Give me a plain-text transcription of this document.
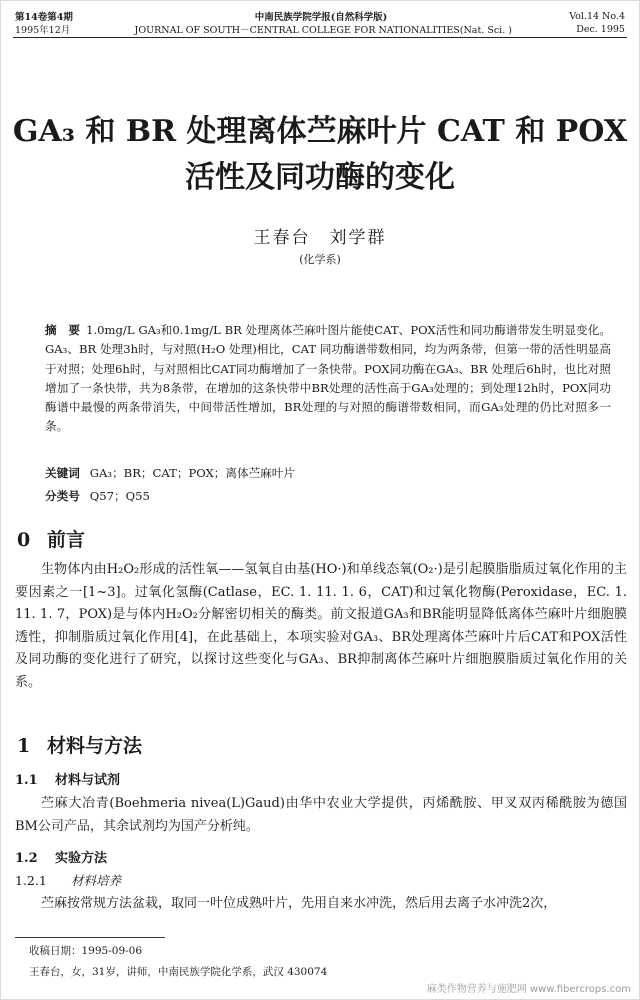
第14卷第4期	中南民族学院学报(自然科学版)	Vol.14 No.4
1995年12月	JOURNAL OF SOUTH－CENTRAL COLLEGE FOR NATIONALITIES(Nat. Sci. )	Dec. 1995
GA₃ 和 BR 处理离体苎麻叶片 CAT 和 POX
活性及同功酶的变化
王春台　刘学群
(化学系)
摘　要 1.0mg/L GA₃和0.1mg/L BR 处理离体苎麻叶图片能使CAT、POX活性和同功酶谱带发生明显变化。GA₃、BR 处理3h时，与对照(H₂O 处理)相比，CAT 同功酶谱带数相同，均为两条带，但第一带的活性明显高于对照；处理6h时，与对照相比CAT同功酶增加了一条快带。POX同功酶在GA₃、BR 处理后6h时，也比对照增加了一条快带，共为8条带，在增加的这条快带中BR处理的活性高于GA₃处理的；到处理12h时，POX同功酶谱中最慢的两条带消失，中间带活性增加，BR处理的与对照的酶谱带数相同，而GA₃处理的仍比对照多一条。
关键词 GA₃；BR；CAT；POX；离体苎麻叶片
分类号 Q57；Q55
0 前言
生物体内由H₂O₂形成的活性氧——氢氧自由基(HO·)和单线态氧(O₂·)是引起膜脂脂质过氧化作用的主要因素之一[1~3]。过氧化氢酶(Catlase，EC. 1. 11. 1. 6，CAT)和过氧化物酶(Peroxidase，EC. 1. 11. 1. 7，POX)是与体内H₂O₂分解密切相关的酶类。前文报道GA₃和BR能明显降低离体苎麻叶片细胞膜透性，抑制脂质过氧化作用[4]，在此基础上，本项实验对GA₃、BR处理离体苎麻叶片后CAT和POX活性及同功酶的变化进行了研究，以探讨这些变化与GA₃、BR抑制离体苎麻叶片细胞膜脂质过氧化作用的关系。
1 材料与方法
1.1 材料与试剂
苎麻大冶青(Boehmeria nivea(L)Gaud)由华中农业大学提供，丙烯酰胺、甲叉双丙稀酰胺为德国BM公司产品，其余试剂均为国产分析纯。
1.2 实验方法
1.2.1 材料培养
苎麻按常规方法盆栽，取同一叶位成熟叶片，先用自来水冲洗，然后用去离子水冲洗2次，
收稿日期：1995-09-06
王春台，女，31岁，讲师，中南民族学院化学系，武汉 430074
麻类作物营养与施肥网 www.fibercrops.com
